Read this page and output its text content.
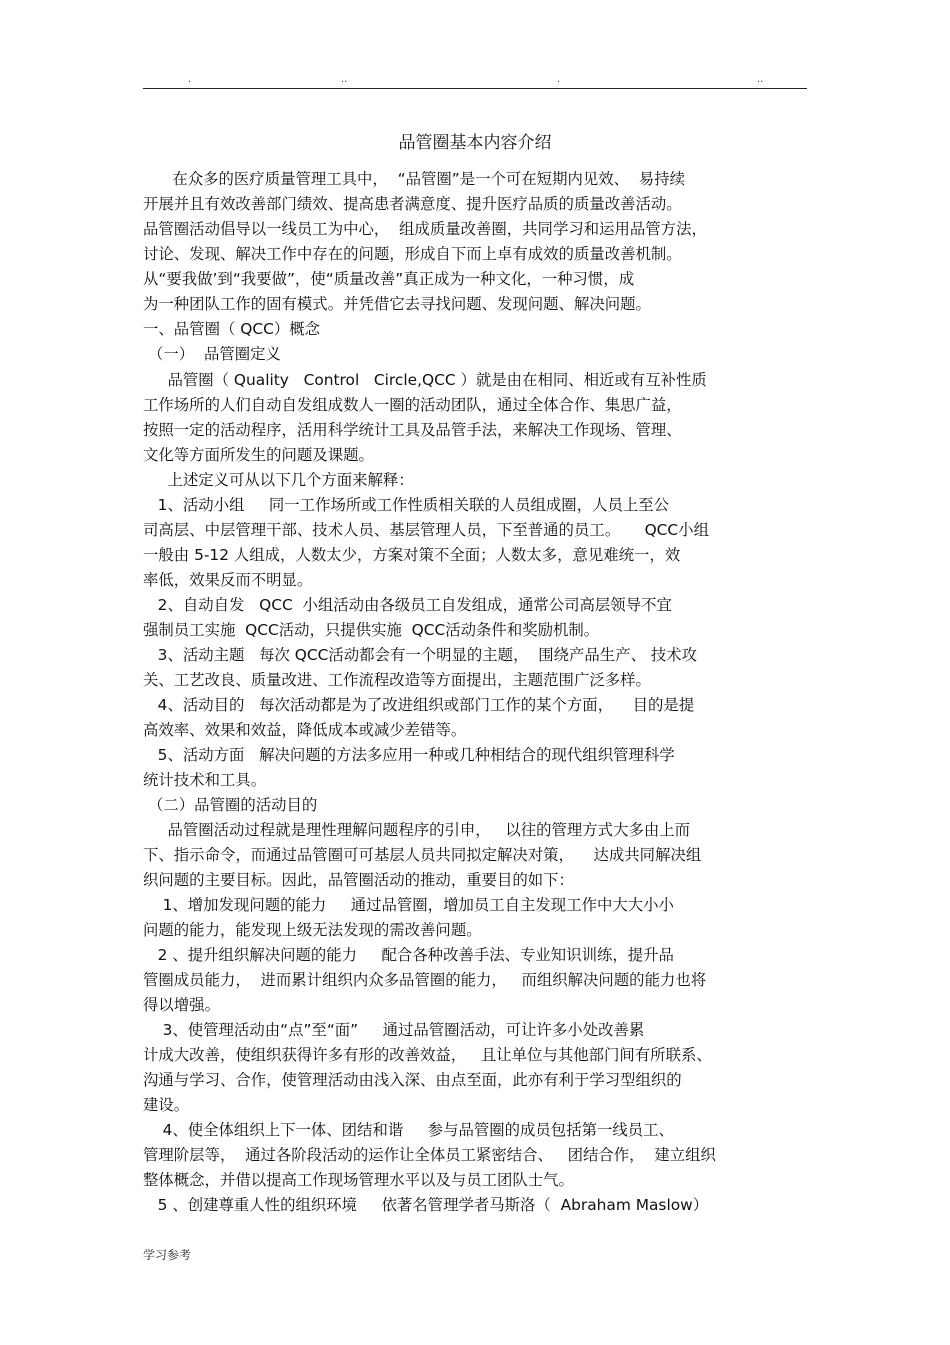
.	..	.	..
品管圈基本内容介绍
在众多的医疗质量管理工具中，  “品管圈”是一个可在短期内见效、  易持续
开展并且有效改善部门绩效、提高患者满意度、提升医疗品质的质量改善活动。
品管圈活动倡导以一线员工为中心，  组成质量改善圈，共同学习和运用品管方法，
讨论、发现、解决工作中存在的问题，形成自下而上卓有成效的质量改善机制。
从“要我做’到“我要做”，使“质量改善”真正成为一种文化，一种习惯，成
为一种团队工作的固有模式。并凭借它去寻找问题、发现问题、解决问题。
一、品管圈（ QCC）概念
（一）  品管圈定义
品管圈（ Quality   Control   Circle,QCC ）就是由在相同、相近或有互补性质
工作场所的人们自动自发组成数人一圈的活动团队，通过全体合作、集思广益，
按照一定的活动程序，活用科学统计工具及品管手法，来解决工作现场、管理、
文化等方面所发生的问题及课题。
上述定义可从以下几个方面来解释：
1、活动小组     同一工作场所或工作性质相关联的人员组成圈，人员上至公
司高层、中层管理干部、技术人员、基层管理人员，下至普通的员工。     QCC小组
一般由 5-12 人组成，人数太少，方案对策不全面；人数太多，意见难统一，效
率低，效果反而不明显。
2、自动自发   QCC  小组活动由各级员工自发组成，通常公司高层领导不宜
强制员工实施  QCC活动，只提供实施  QCC活动条件和奖励机制。
3、活动主题   每次 QCC活动都会有一个明显的主题，  围绕产品生产、 技术攻
关、工艺改良、质量改进、工作流程改造等方面提出，主题范围广泛多样。
4、活动目的   每次活动都是为了改进组织或部门工作的某个方面，    目的是提
高效率、效果和效益，降低成本或减少差错等。
5、活动方面   解决问题的方法多应用一种或几种相结合的现代组织管理科学
统计技术和工具。
（二）品管圈的活动目的
品管圈活动过程就是理性理解问题程序的引申，   以往的管理方式大多由上而
下、指示命令，而通过品管圈可可基层人员共同拟定解决对策，    达成共同解决组
织问题的主要目标。因此，品管圈活动的推动，重要目的如下：
1、增加发现问题的能力     通过品管圈，增加员工自主发现工作中大大小小
问题的能力，能发现上级无法发现的需改善问题。
2 、提升组织解决问题的能力     配合各种改善手法、专业知识训练，提升品
管圈成员能力，  进而累计组织内众多品管圈的能力，   而组织解决问题的能力也将
得以增强。
3、使管理活动由“点”至“面”     通过品管圈活动，可让许多小处改善累
计成大改善，使组织获得许多有形的改善效益，   且让单位与其他部门间有所联系、
沟通与学习、合作，使管理活动由浅入深、由点至面，此亦有利于学习型组织的
建设。
4、使全体组织上下一体、团结和谐     参与品管圈的成员包括第一线员工、
管理阶层等，  通过各阶段活动的运作让全体员工紧密结合、   团结合作，  建立组织
整体概念，并借以提高工作现场管理水平以及与员工团队士气。
5 、创建尊重人性的组织环境     依著名管理学者马斯洛（  Abraham Maslow）
学习参考
